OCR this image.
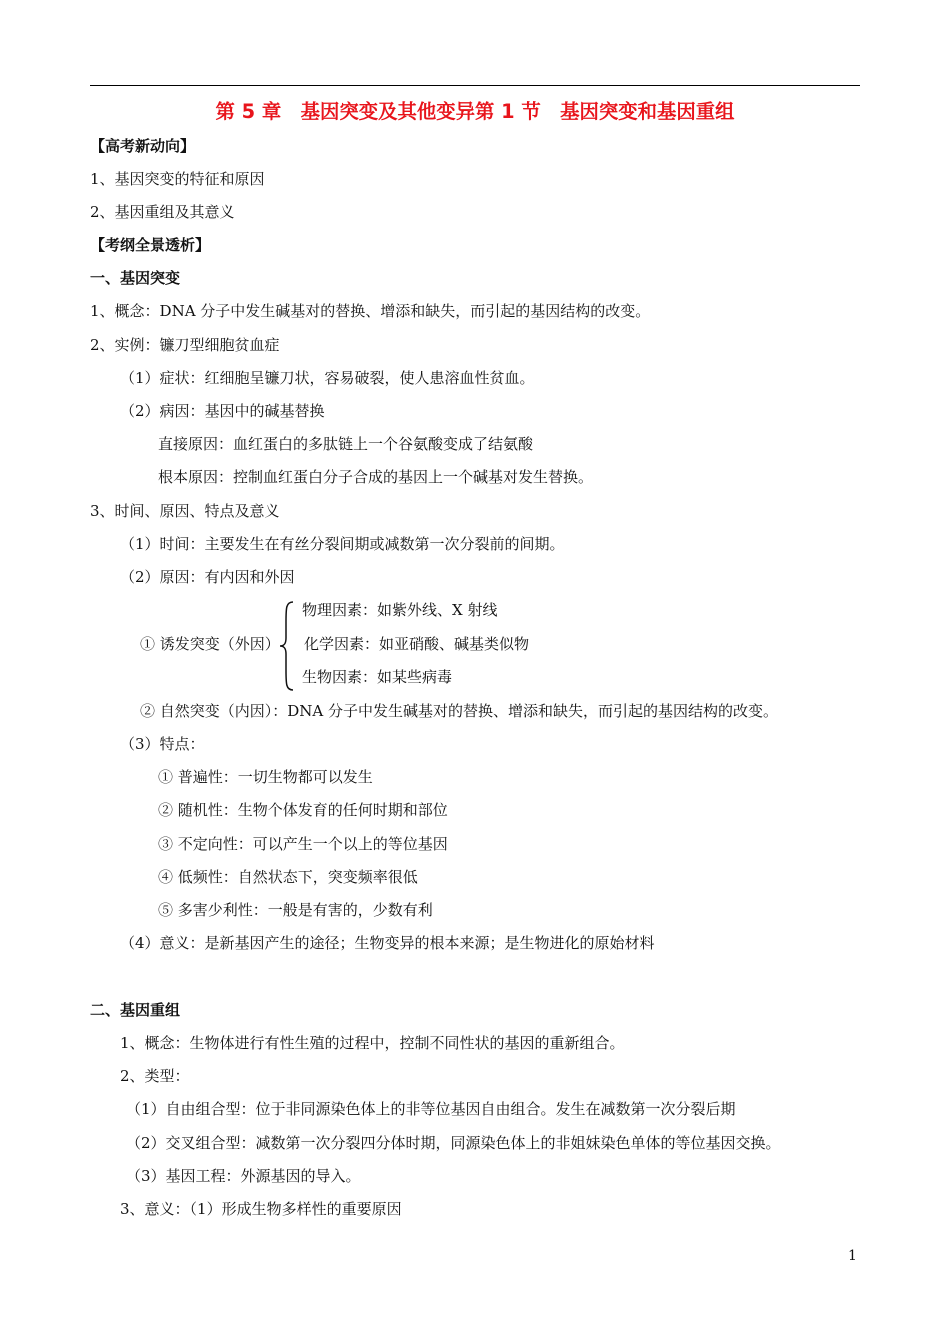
第 5 章　基因突变及其他变异第 1 节　基因突变和基因重组
【高考新动向】
1、基因突变的特征和原因
2、基因重组及其意义
【考纲全景透析】
一、基因突变
1、概念：DNA 分子中发生碱基对的替换、增添和缺失，而引起的基因结构的改变。
2、实例：镰刀型细胞贫血症
（1）症状：红细胞呈镰刀状，容易破裂，使人患溶血性贫血。
（2）病因：基因中的碱基替换
直接原因：血红蛋白的多肽链上一个谷氨酸变成了结氨酸
根本原因：控制血红蛋白分子合成的基因上一个碱基对发生替换。
3、时间、原因、特点及意义
（1）时间：主要发生在有丝分裂间期或减数第一次分裂前的间期。
（2）原因：有内因和外因
物理因素：如紫外线、X 射线
① 诱发突变（外因） 化学因素：如亚硝酸、碱基类似物
生物因素：如某些病毒
② 自然突变（内因）：DNA 分子中发生碱基对的替换、增添和缺失，而引起的基因结构的改变。
（3）特点：
① 普遍性：一切生物都可以发生
② 随机性：生物个体发育的任何时期和部位
③ 不定向性：可以产生一个以上的等位基因
④ 低频性：自然状态下，突变频率很低
⑤ 多害少利性：一般是有害的，少数有利
（4）意义：是新基因产生的途径；生物变异的根本来源；是生物进化的原始材料
二、基因重组
1、概念：生物体进行有性生殖的过程中，控制不同性状的基因的重新组合。
2、类型：
（1）自由组合型：位于非同源染色体上的非等位基因自由组合。发生在减数第一次分裂后期
（2）交叉组合型：减数第一次分裂四分体时期，同源染色体上的非姐妹染色单体的等位基因交换。
（3）基因工程：外源基因的导入。
3、意义：（1）形成生物多样性的重要原因
1
